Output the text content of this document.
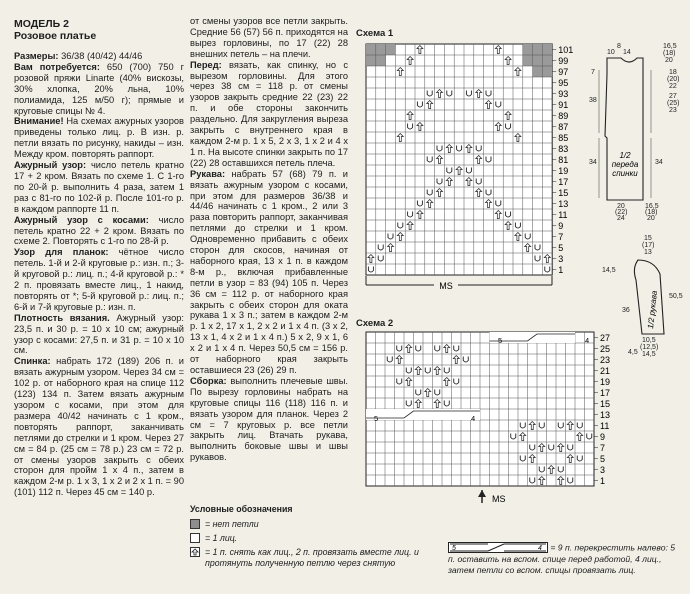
МОДЕЛЬ 2

Розовое платье

Размеры: 36/38 (40/42) 44/46

Вам потребуется: 650 (700) 750 г розовой пряжи Linarte (40% вискозы, 30% хлопка, 20% льна, 10% полиамида, 125 м/50 г); прямые и круговые спицы № 4.

Внимание! На схемах ажурных узоров приведены только лиц. р. В изн. р. петли вязать по рисунку, накиды – изн. Между кром. повторять раппорт.

Ажурный узор: число петель кратно 17 + 2 кром. Вязать по схеме 1. С 1-го по 20-й р. выполнить 4 раза, затем 1 раз с 81-го по 102-й р. После 101-го р. в каждом раппорте 11 п.

Ажурный узор с косами: число петель кратно 22 + 2 кром. Вязать по схеме 2. Повторять с 1-го по 28-й р.

Узор для планок: чётное число петель. 1-й и 2-й круговые р.: изн. п.; 3-й круговой р.: лиц. п.; 4-й круговой р.: * 2 п. провязать вместе лиц., 1 накид, повторять от *; 5-й круговой р.: лиц. п.; 6-й и 7-й круговые р.: изн. п.

Плотность вязания. Ажурный узор: 23,5 п. и 30 р. = 10 х 10 см; ажурный узор с косами: 27,5 п. и 31 р. = 10 х 10 см.

Спинка: набрать 172 (189) 206 п. и вязать ажурным узором. Через 34 см = 102 р. от наборного края на спице 112 (123) 134 п. Затем вязать ажурным узором с косами, при этом для размера 40/42 начинать с 1 кром., повторять раппорт, заканчивать петлями до стрелки и 1 кром. Через 27 см = 84 р. (25 см = 78 р.) 23 см = 72 р. от смены узоров закрыть с обеих сторон для пройм 1 х 4 п., затем в каждом 2-м р. 1 х 3, 1 х 2 и 2 х 1 п. = 90 (101) 112 п. Через 45 см = 140 р.

от смены узоров все петли закрыть. Средние 56 (57) 56 п. приходятся на вырез горловины, по 17 (22) 28 внешних петель – на плечи.

Перед: вязать, как спинку, но с вырезом горловины. Для этого через 38 см = 118 р. от смены узоров закрыть средние 22 (23) 22 п. и обе стороны закончить раздельно. Для закругления выреза закрыть с внутреннего края в каждом 2-м р. 1 х 5, 2 х 3, 1 х 2 и 4 х 1 п. На высоте спинки закрыть по 17 (22) 28 оставшихся петель плеча.

Рукава: набрать 57 (68) 79 п. и вязать ажурным узором с косами, при этом для размеров 36/38 и 44/46 начинать с 1 кром., 2 или 3 раза повторить раппорт, заканчивая петлями до стрелки и 1 кром. Одновременно прибавить с обеих сторон для скосов, начиная от наборного края, 13 х 1 п. в каждом 8-м р., включая прибавленные петли в узор = 83 (94) 105 п. Через 36 см = 112 р. от наборного края закрыть с обеих сторон для оката рукава 1 х 3 п.; затем в каждом 2-м р. 1 х 2, 17 х 1, 2 х 2 и 1 х 4 п. (3 х 2, 13 х 1, 4 х 2 и 1 х 4 п.) 5 х 2, 9 х 1, 6 х 2 и 1 х 4 п. Через 50,5 см = 156 р. от наборного края закрыть оставшиеся 23 (26) 29 п.

Сборка: выполнить плечевые швы. По вырезу горловины набрать на круговые спицы 116 (118) 116 п. и вязать узором для планок. Через 2 см = 7 круговых р. все петли закрыть лиц. Втачать рукава, выполнить боковые швы и швы рукавов.

Схема 1
101
99
97
95
93
91
89
87
85
83
81
19
17
15
13
11
9
7
5
3
1
MS
Схема 2
27
25
23
21
19
17
15
13
11
9
7
5
3
1
5	4
5	4
MS
Условные обозначения
= нет петли
= 1 лиц.
= 1 п. снять как лиц., 2 п. провязать вместе лиц. и протянуть полученную петлю через снятую
5	4 = 9 п. перекрестить налево: 5 п. оставить на вспом. спице перед работой, 4 лиц., затем петли со вспом. спицы провязать лиц.
1/2
переда
спинки
10
8
14
16,5
(18)
20
7	18
(20)
22
27
(25)
23
38
34	34
20
(22)
24
16,5
(18)
20
1/2 рукава
15
(17)
13
14,5
36
50,5
4,5
10,5
(12,5)
14,5
